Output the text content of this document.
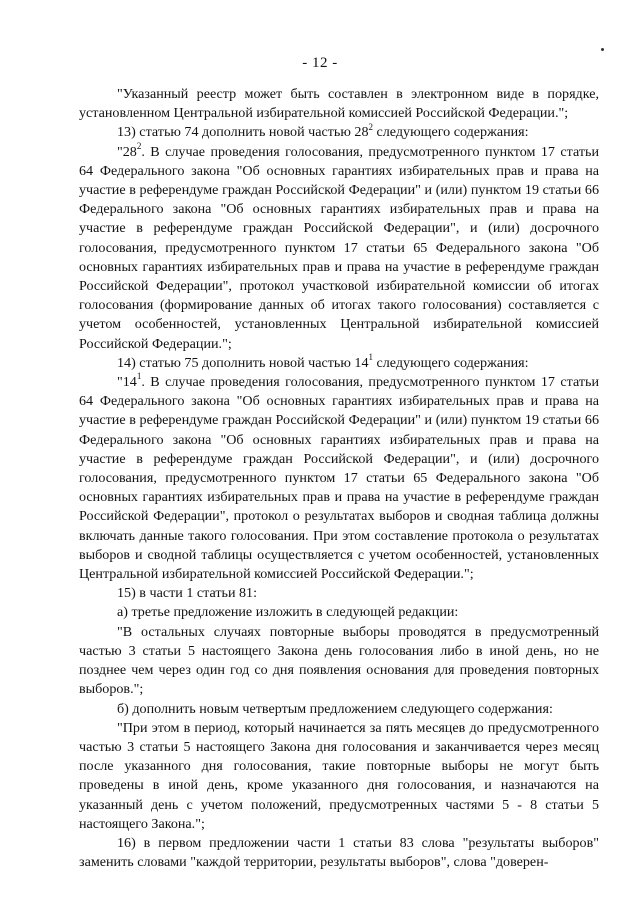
- 12 -

"Указанный реестр может быть составлен в электронном виде в порядке, установленном Центральной избирательной комиссией Российской Федерации.";

13) статью 74 дополнить новой частью $28^2$ следующего содержания:

"$28^2$. В случае проведения голосования, предусмотренного пунктом 17 статьи 64 Федерального закона "Об основных гарантиях избирательных прав и права на участие в референдуме граждан Российской Федерации" и (или) пунктом 19 статьи 66 Федерального закона "Об основных гарантиях избирательных прав и права на участие в референдуме граждан Российской Федерации", и (или) досрочного голосования, предусмотренного пунктом 17 статьи 65 Федерального закона "Об основных гарантиях избирательных прав и права на участие в референдуме граждан Российской Федерации", протокол участковой избирательной комиссии об итогах голосования (формирование данных об итогах такого голосования) составляется с учетом особенностей, установленных Центральной избирательной комиссией Российской Федерации.";

14) статью 75 дополнить новой частью $14^1$ следующего содержания:

"$14^1$. В случае проведения голосования, предусмотренного пунктом 17 статьи 64 Федерального закона "Об основных гарантиях избирательных прав и права на участие в референдуме граждан Российской Федерации" и (или) пунктом 19 статьи 66 Федерального закона "Об основных гарантиях избирательных прав и права на участие в референдуме граждан Российской Федерации", и (или) досрочного голосования, предусмотренного пунктом 17 статьи 65 Федерального закона "Об основных гарантиях избирательных прав и права на участие в референдуме граждан Российской Федерации", протокол о результатах выборов и сводная таблица должны включать данные такого голосования. При этом составление протокола о результатах выборов и сводной таблицы осуществляется с учетом особенностей, установленных Центральной избирательной комиссией Российской Федерации.";

15) в части 1 статьи 81:

а) третье предложение изложить в следующей редакции:

"В остальных случаях повторные выборы проводятся в предусмотренный частью 3 статьи 5 настоящего Закона день голосования либо в иной день, но не позднее чем через один год со дня появления основания для проведения повторных выборов.";

б) дополнить новым четвертым предложением следующего содержания:

"При этом в период, который начинается за пять месяцев до предусмотренного частью 3 статьи 5 настоящего Закона дня голосования и заканчивается через месяц после указанного дня голосования, такие повторные выборы не могут быть проведены в иной день, кроме указанного дня голосования, и назначаются на указанный день с учетом положений, предусмотренных частями 5 - 8 статьи 5 настоящего Закона.";

16) в первом предложении части 1 статьи 83 слова "результаты выборов" заменить словами "каждой территории, результаты выборов", слова "доверен-
